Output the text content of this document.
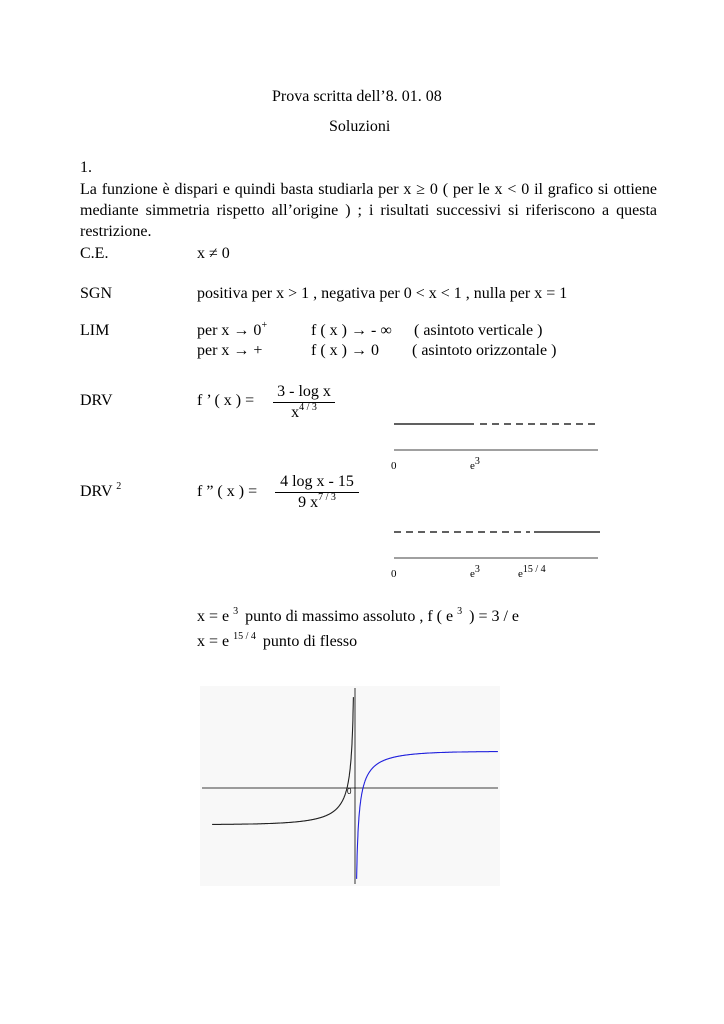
Prova scritta dell’8. 01. 08
Soluzioni
1.
La funzione è dispari e quindi basta studiarla per x ≥ 0 ( per le x < 0 il grafico si ottiene mediante simmetria rispetto all’origine ) ; i risultati successivi si riferiscono a questa restrizione.
C.E.	x ≠ 0
SGN	positiva per x > 1 , negativa per 0 < x < 1 , nulla per x = 1
LIM	per x → 0+	f ( x ) → - ∞ ( asintoto verticale )
per x → +	f ( x ) → 0 ( asintoto orizzontale )
DRV	f ’ ( x ) =
3 - log x
$x^{4 / 3}$
0	e3
DRV $^2$	f ” ( x ) =
4 log x - 15
9 $x^{7 / 3}$
0	e3	e15 / 4
x = e $^3$ punto di massimo assoluto , f ( e $^3$ ) = 3 / e
x = e $^{15 / 4}$ punto di flesso
0
